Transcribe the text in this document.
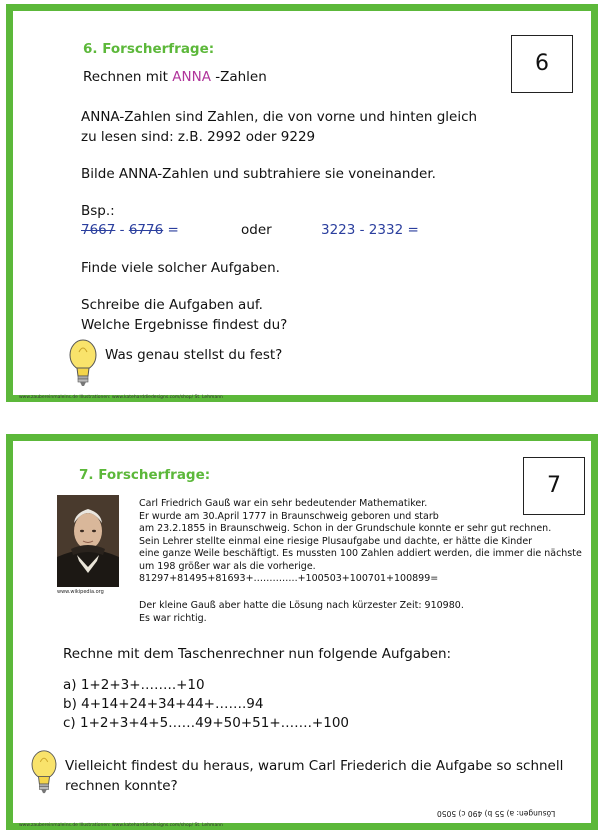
6
6. Forscherfrage:
Rechnen mit ANNA -Zahlen
ANNA-Zahlen sind Zahlen, die von vorne und hinten gleich
zu lesen sind: z.B. 2992 oder 9229
Bilde ANNA-Zahlen und subtrahiere sie voneinander.
Bsp.:
7667 - 6776 =	oder	3223 - 2332 =
Finde viele solcher Aufgaben.
Schreibe die Aufgaben auf.
Welche Ergebnisse findest du?
Was genau stellst du fest?
www.zaubereinmaleins.de Illustrationen: www.kateharddiedesigns.com/shop/ St. Lehmann
7
7. Forscherfrage:
www.wikipedia.org
Carl Friedrich Gauß war ein sehr bedeutender Mathematiker.
Er wurde am 30.April 1777 in Braunschweig geboren und starb
am 23.2.1855 in Braunschweig. Schon in der Grundschule konnte er sehr gut rechnen.
Sein Lehrer stellte einmal eine riesige Plusaufgabe und dachte, er hätte die Kinder
eine ganze Weile beschäftigt. Es mussten 100 Zahlen addiert werden, die immer die nächste
um 198 größer war als die vorherige.
81297+81495+81693+…………..+100503+100701+100899=
Der kleine Gauß aber hatte die Lösung nach kürzester Zeit: 910980.
Es war richtig.
Rechne mit dem Taschenrechner nun folgende Aufgaben:
a) 1+2+3+……..+10
b) 4+14+24+34+44+…….94
c) 1+2+3+4+5……49+50+51+…….+100
Vielleicht findest du heraus, warum Carl Friederich die Aufgabe so schnell
rechnen konnte?
Lösungen: a) 55 b) 490 c) 5050
www.zaubereinmaleins.de Illustrationen: www.kateharddiedesigns.com/shop/ St. Lehmann
